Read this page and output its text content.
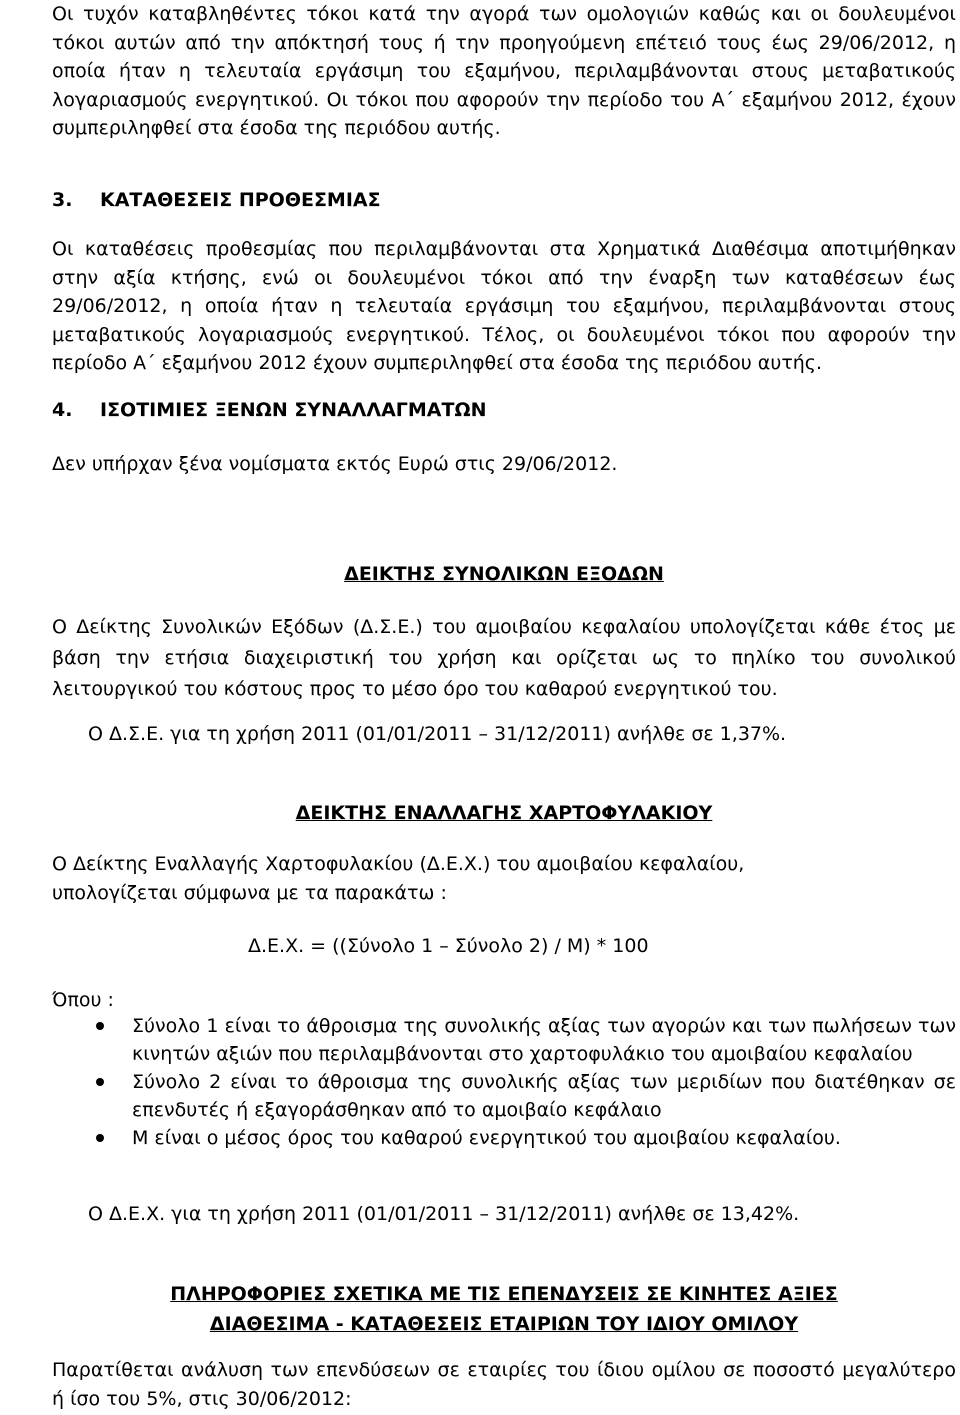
Οι τυχόν καταβληθέντες τόκοι κατά την αγορά των ομολογιών καθώς και οι δουλευμένοι τόκοι αυτών από την απόκτησή τους ή την προηγούμενη επέτειό τους έως 29/06/2012, η οποία ήταν η τελευταία εργάσιμη του εξαμήνου, περιλαμβάνονται στους μεταβατικούς λογαριασμούς ενεργητικού. Οι τόκοι που αφορούν την περίοδο του Α΄ εξαμήνου 2012, έχουν συμπεριληφθεί στα έσοδα της περιόδου αυτής.

3. ΚΑΤΑΘΕΣΕΙΣ ΠΡΟΘΕΣΜΙΑΣ

Οι καταθέσεις προθεσμίας που περιλαμβάνονται στα Χρηματικά Διαθέσιμα αποτιμήθηκαν στην αξία κτήσης, ενώ οι δουλευμένοι τόκοι από την έναρξη των καταθέσεων έως 29/06/2012, η οποία ήταν η τελευταία εργάσιμη του εξαμήνου, περιλαμβάνονται στους μεταβατικούς λογαριασμούς ενεργητικού. Τέλος, οι δουλευμένοι τόκοι που αφορούν την περίοδο Α΄ εξαμήνου 2012 έχουν συμπεριληφθεί στα έσοδα της περιόδου αυτής.

4. ΙΣΟΤΙΜΙΕΣ ΞΕΝΩΝ ΣΥΝΑΛΛΑΓΜΑΤΩΝ

Δεν υπήρχαν ξένα νομίσματα εκτός Ευρώ στις 29/06/2012.

ΔΕΙΚΤΗΣ ΣΥΝΟΛΙΚΩΝ ΕΞΟΔΩΝ

Ο Δείκτης Συνολικών Εξόδων (Δ.Σ.Ε.) του αμοιβαίου κεφαλαίου υπολογίζεται κάθε έτος με βάση την ετήσια διαχειριστική του χρήση και ορίζεται ως το πηλίκο του συνολικού λειτουργικού του κόστους προς το μέσο όρο του καθαρού ενεργητικού του.

Ο Δ.Σ.Ε. για τη χρήση 2011 (01/01/2011 – 31/12/2011) ανήλθε σε 1,37%.

ΔΕΙΚΤΗΣ ΕΝΑΛΛΑΓΗΣ ΧΑΡΤΟΦΥΛΑΚΙΟΥ

Ο Δείκτης Εναλλαγής Χαρτοφυλακίου (Δ.Ε.Χ.) του αμοιβαίου κεφαλαίου, υπολογίζεται σύμφωνα με τα παρακάτω :

Δ.Ε.Χ. = ((Σύνολο 1 – Σύνολο 2) / Μ) * 100

Όπου :

Σύνολο 1 είναι το άθροισμα της συνολικής αξίας των αγορών και των πωλήσεων των κινητών αξιών που περιλαμβάνονται στο χαρτοφυλάκιο του αμοιβαίου κεφαλαίου
Σύνολο 2 είναι το άθροισμα της συνολικής αξίας των μεριδίων που διατέθηκαν σε επενδυτές ή εξαγοράσθηκαν από το αμοιβαίο κεφάλαιο
Μ είναι ο μέσος όρος του καθαρού ενεργητικού του αμοιβαίου κεφαλαίου.

Ο Δ.Ε.Χ. για τη χρήση 2011 (01/01/2011 – 31/12/2011) ανήλθε σε 13,42%.

ΠΛΗΡΟΦΟΡΙΕΣ ΣΧΕΤΙΚΑ ΜΕ ΤΙΣ ΕΠΕΝΔΥΣΕΙΣ ΣΕ ΚΙΝΗΤΕΣ ΑΞΙΕΣ

ΔΙΑΘΕΣΙΜΑ - ΚΑΤΑΘΕΣΕΙΣ ΕΤΑΙΡΙΩΝ ΤΟΥ ΙΔΙΟΥ ΟΜΙΛΟΥ

Παρατίθεται ανάλυση των επενδύσεων σε εταιρίες του ίδιου ομίλου σε ποσοστό μεγαλύτερο ή ίσο του 5%, στις 30/06/2012:
